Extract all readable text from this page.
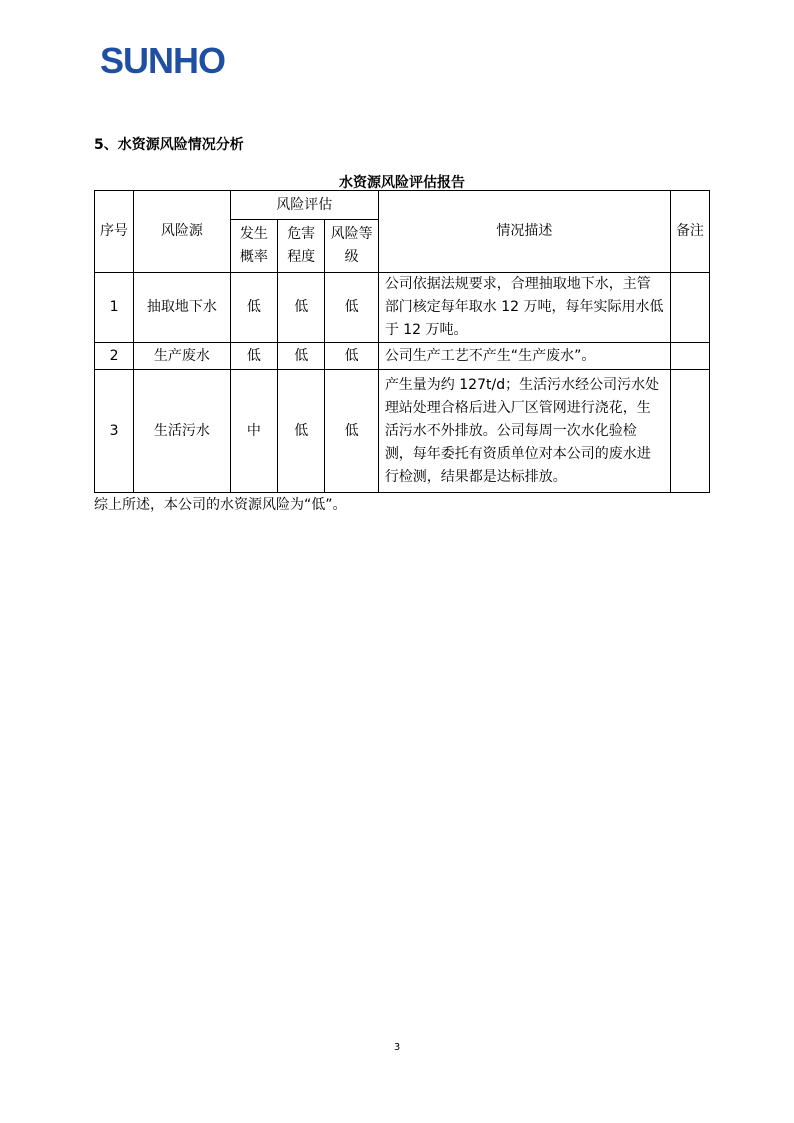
SUNHO
5、水资源风险情况分析
水资源风险评估报告
序号	风险源	风险评估			情况描述	备注
		发生概率	危害程度	风险等级		
1	抽取地下水	低	低	低	公司依据法规要求，合理抽取地下水，主管部门核定每年取水 12 万吨，每年实际用水低于 12 万吨。	
2	生产废水	低	低	低	公司生产工艺不产生“生产废水”。	
3	生活污水	中	低	低	产生量为约 127t/d；生活污水经公司污水处理站处理合格后进入厂区管网进行浇花，生活污水不外排放。公司每周一次水化验检测，每年委托有资质单位对本公司的废水进行检测，结果都是达标排放。	
综上所述，本公司的水资源风险为“低”。
3
